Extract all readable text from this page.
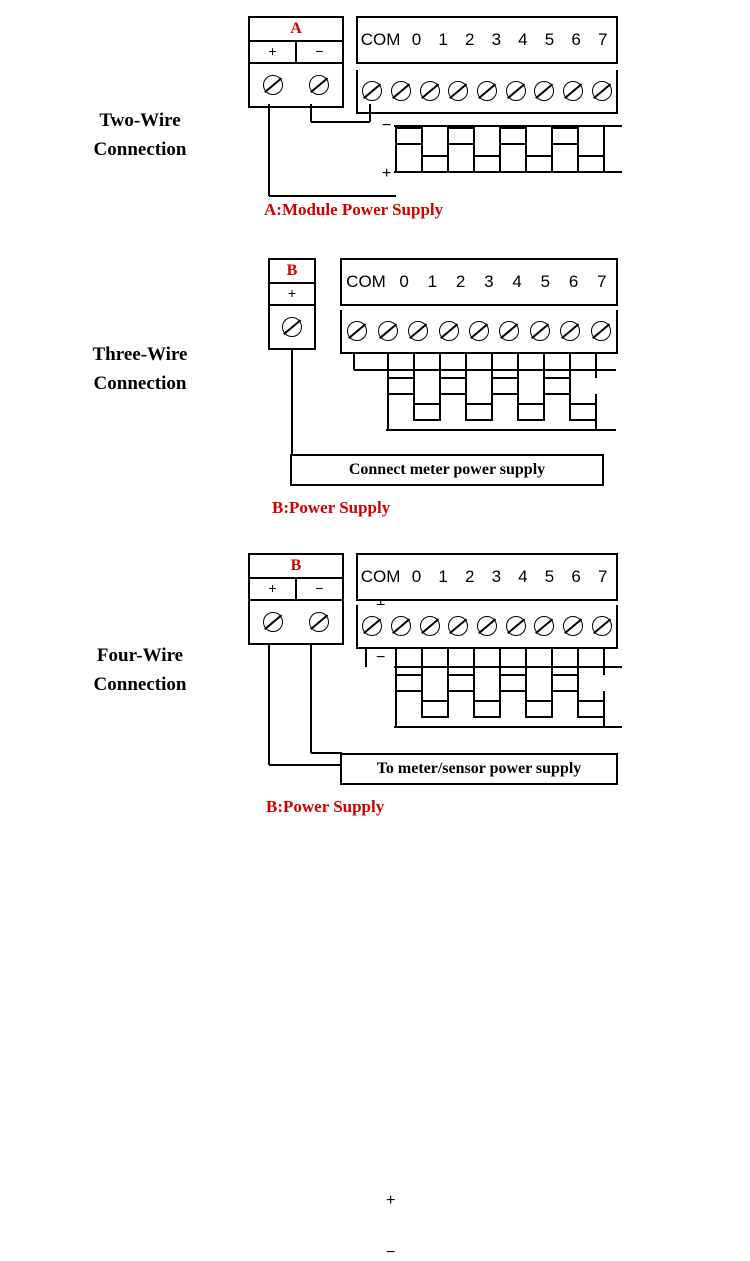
Two-Wire
Connection
A
+	−
COM 0	1	2	3	4	5	6	7
−
+
A:Module Power Supply
Three-Wire
Connection
B
+
COM 0	1	2	3	4	5	6	7
−
Connect meter power supply
B:Power Supply
Four-Wire
Connection
B
+	−
COM 0	1	2	3	4	5	6	7
+
−
To meter/sensor power supply
B:Power Supply
